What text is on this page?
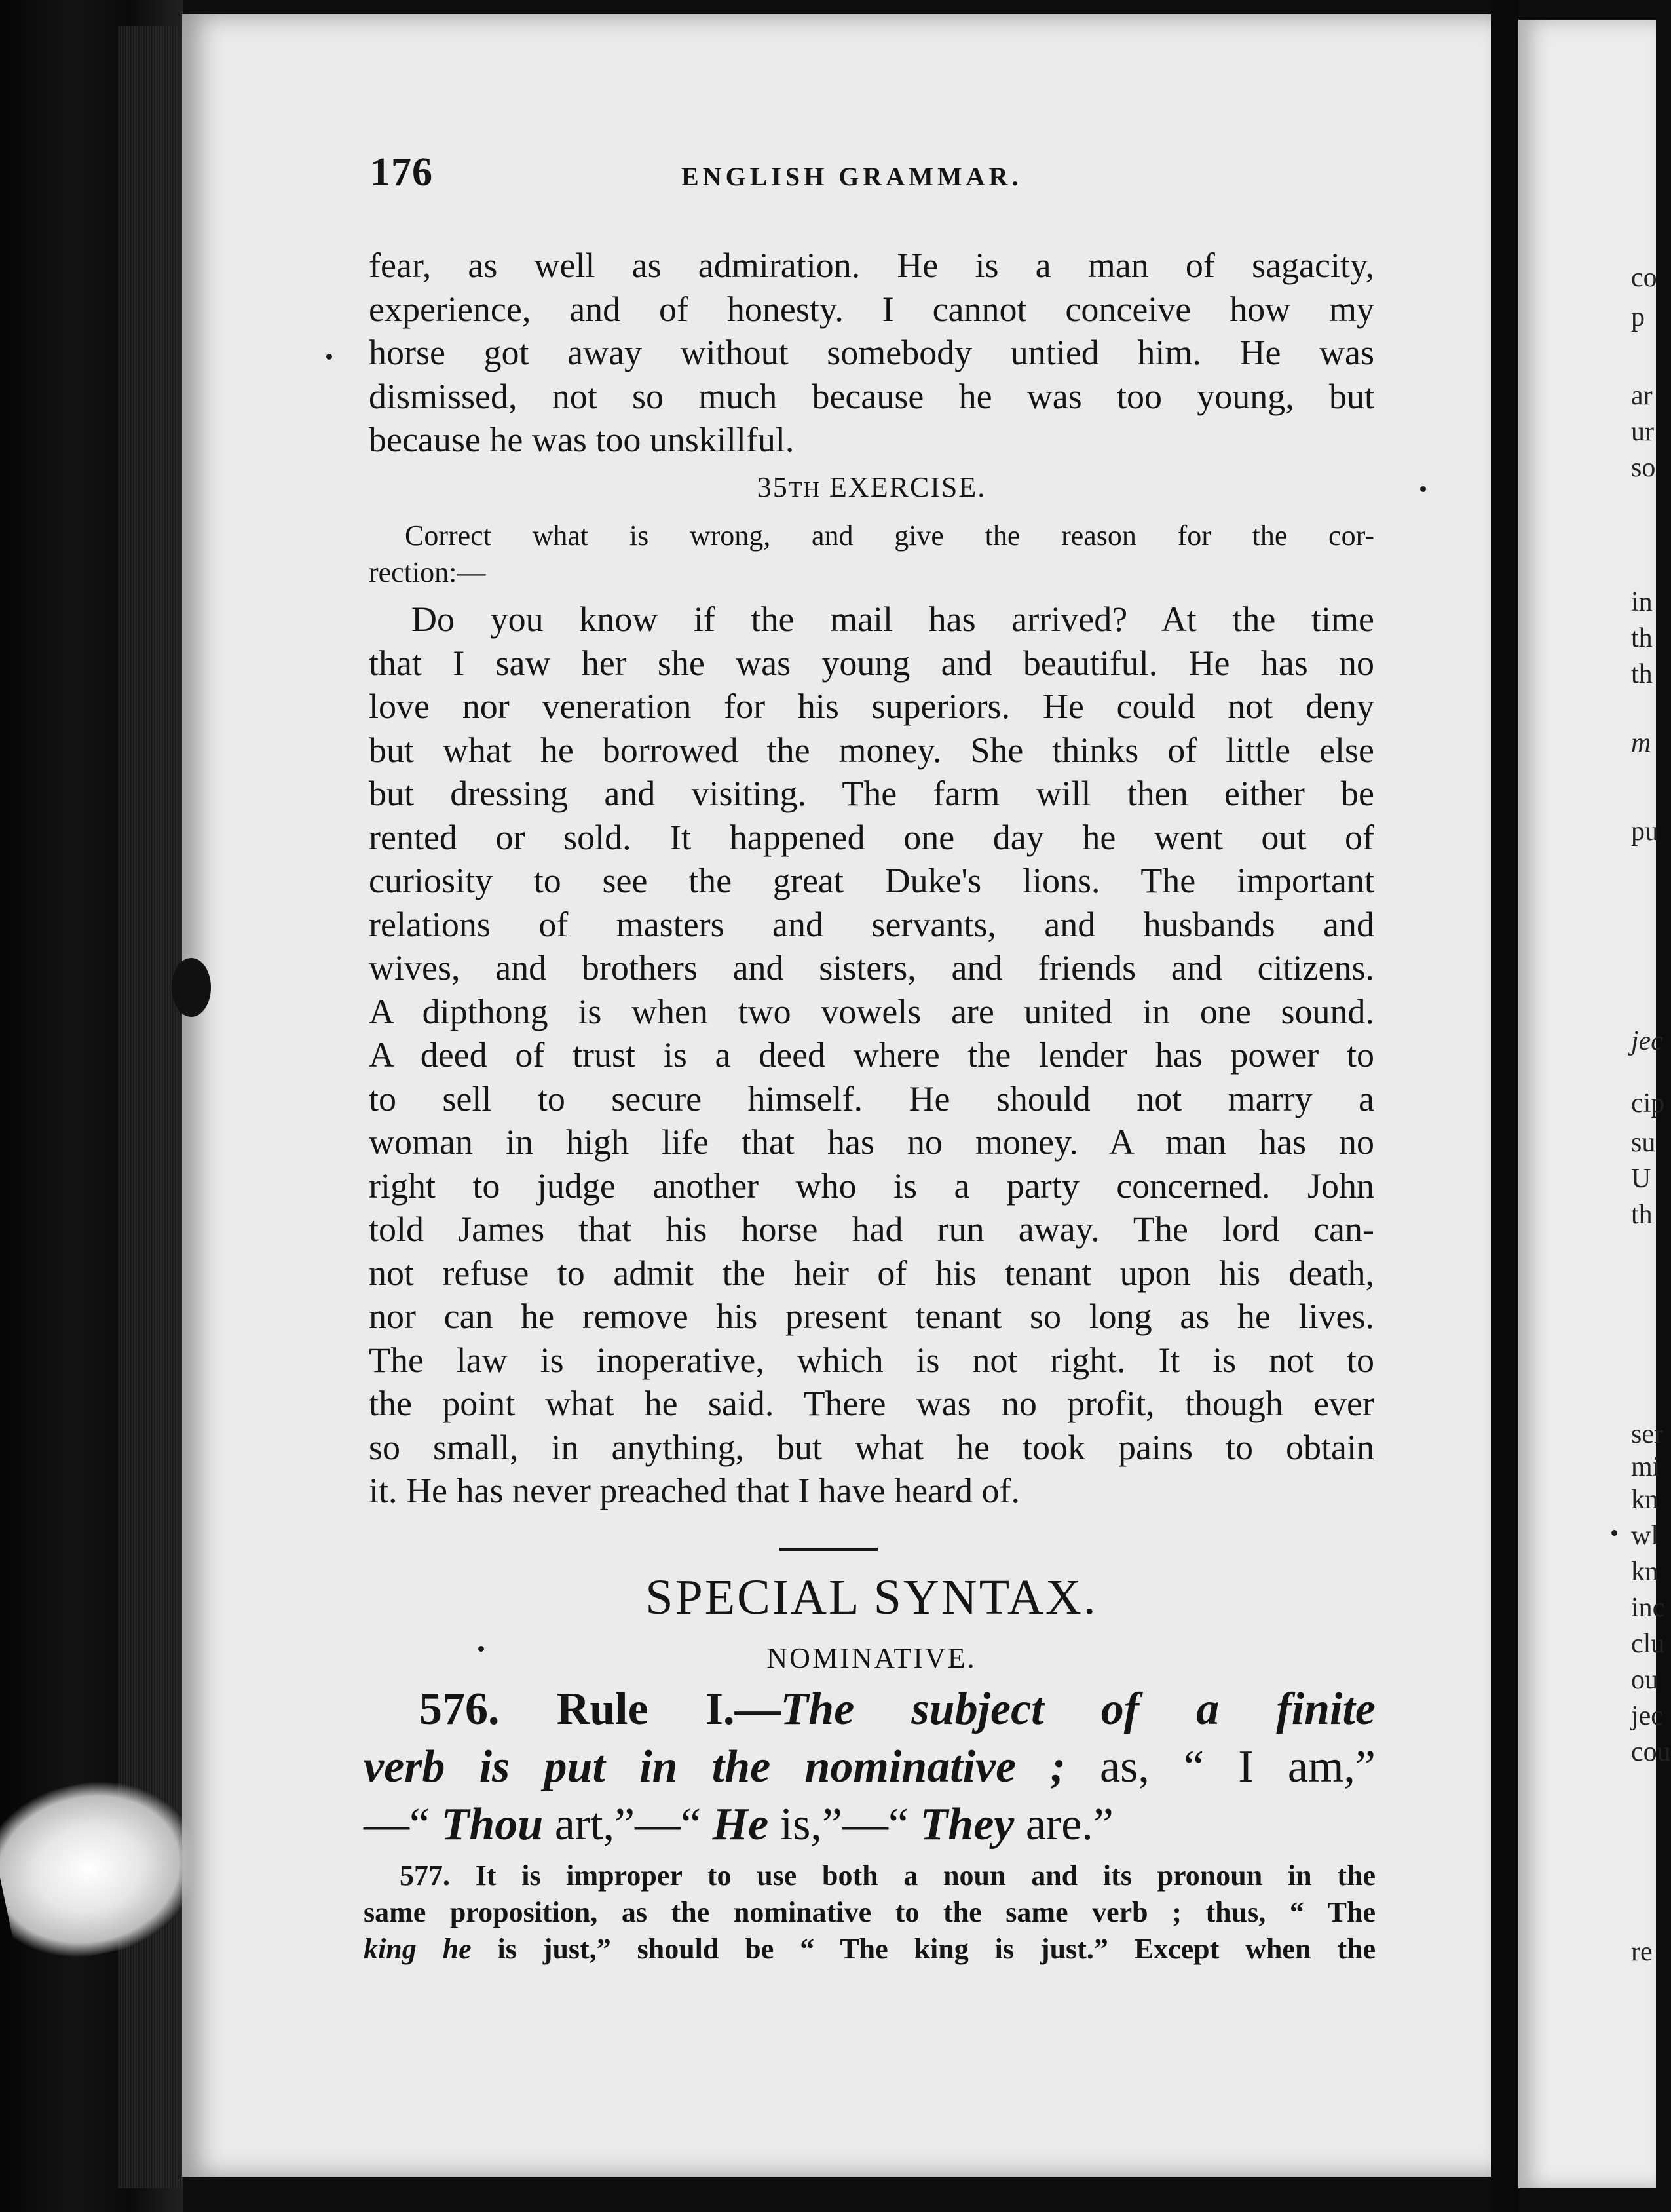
176	ENGLISH GRAMMAR.
fear, as well as admiration. He is a man of sagacity,
experience, and of honesty. I cannot conceive how my
horse got away without somebody untied him. He was
dismissed, not so much because he was too young, but
because he was too unskillful.
35TH EXERCISE.
Correct what is wrong, and give the reason for the cor-
rection:—
Do you know if the mail has arrived? At the time
that I saw her she was young and beautiful. He has no
love nor veneration for his superiors. He could not deny
but what he borrowed the money. She thinks of little else
but dressing and visiting. The farm will then either be
rented or sold. It happened one day he went out of
curiosity to see the great Duke's lions. The important
relations of masters and servants, and husbands and
wives, and brothers and sisters, and friends and citizens.
A dipthong is when two vowels are united in one sound.
A deed of trust is a deed where the lender has power to
to sell to secure himself. He should not marry a
woman in high life that has no money. A man has no
right to judge another who is a party concerned. John
told James that his horse had run away. The lord can-
not refuse to admit the heir of his tenant upon his death,
nor can he remove his present tenant so long as he lives.
The law is inoperative, which is not right. It is not to
the point what he said. There was no profit, though ever
so small, in anything, but what he took pains to obtain
it. He has never preached that I have heard of.
SPECIAL SYNTAX.
NOMINATIVE.
576. Rule I.—The subject of a finite
verb is put in the nominative ; as, “ I am,”
—“ Thou art,”—“ He is,”—“ They are.”
577. It is improper to use both a noun and its pronoun in the
same proposition, as the nominative to the same verb ; thus, “ The
king he is just,” should be “ The king is just.” Except when the
co
p
ar
ur
so
in
th
th
m
pu
jec
cip
su
U
th
ser
mi
kn
wl
kn
inc
clu
ou
jec
cou
re
